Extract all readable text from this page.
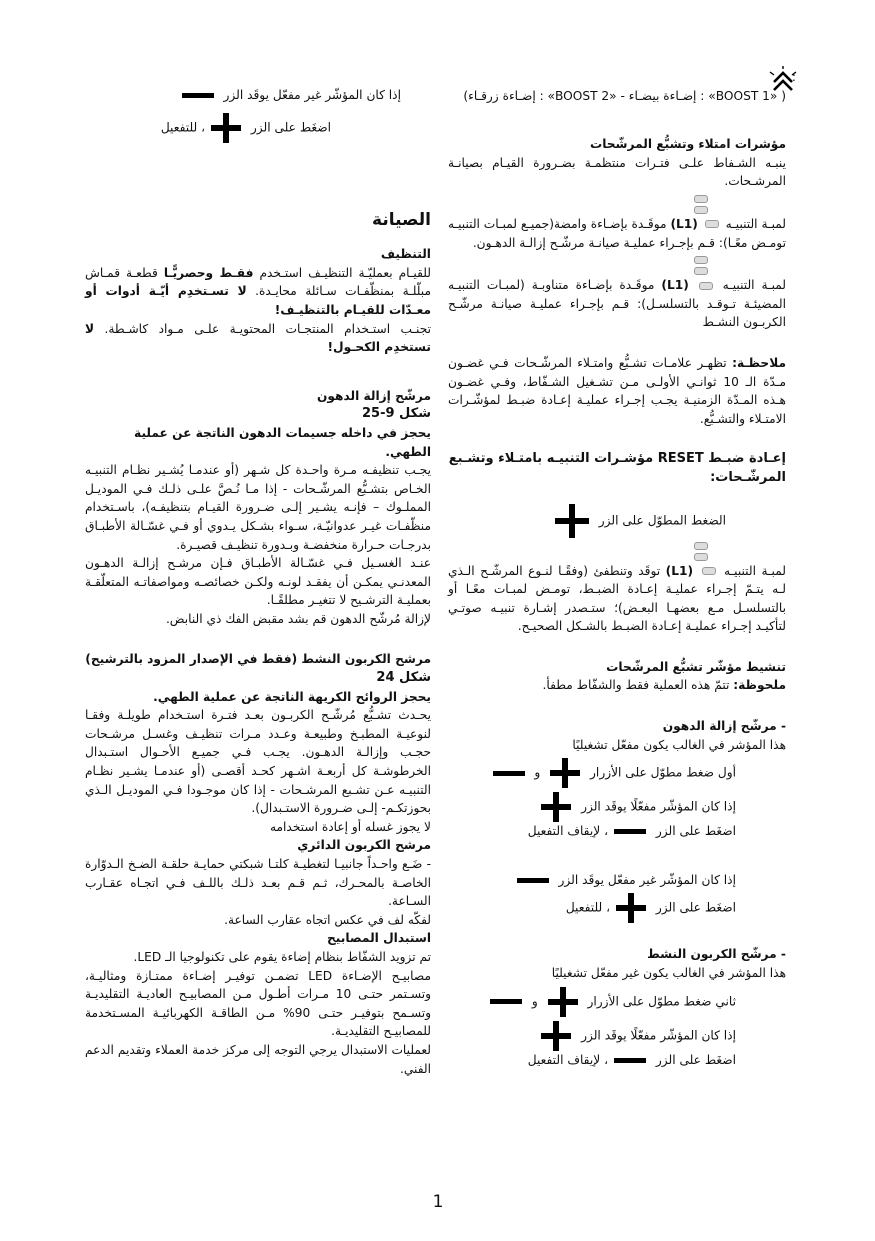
:

( «1 BOOST» : إضـاءة بيضـاء - «2 BOOST» : إضـاءة زرقـاء)

مؤشرات امتلاء وتشبُّع المرشّحات

ينبـه الشـفاط علـى فتـرات منتظمـة بضـرورة القيـام بصيانـة المرشـحات.

لمبـة التنبيـه  (L1) موقَـدة بإضـاءة وامضة(جميـع لمبـات التنبيـه تومـض معًـا): قـم بإجـراء عمليـة صيانـة مرشّـح إزالـة الدهـون.

لمبـة التنبيـه  (L1) موقَـدة بإضـاءة متناوبـة (لمبـات التنبيـه المضيئـة تـوقـد بالتسلسـل): قـم بإجـراء عمليـة صيانـة مرشّـح الكربـون النشـط

ملاحظـة: تظهـر علامـات تشـبُّع وامتـلاء المرشّـحات فـي غضـون مـدّة الـ 10 ثوانـي الأولـى مـن تشـغيل الشـفّاط، وفـي غضـون هـذه المـدّة الزمنيـة يجـب إجـراء عمليـة إعـادة ضبـط لمؤشّـرات الامتـلاء والتشـبُّع.

إعـادة ضبـط RESET مؤشـرات التنبيـه بامتـلاء وتشـبع المرشّـحات:

الضغط المطوّل على الزر

لمبـة التنبيـه  (L1) توقَد وتنطفئ (وفقًـا لنـوع المرشّـح الـذي لـه يتـمّ إجـراء عمليـة إعـادة الضبـط، تومـض لمبـات معًـا أو بالتسلسـل مـع بعضهـا البعـض)؛ ستـصدر إشـارة تنبيـه صوتـي لتأكيـد إجـراء عمليـة إعـادة الضبـط بالشـكل الصحيـح.

تنشيط مؤشّر تشبُّع المرشّحات

ملحوظة: تتمّ هذه العملية فقط والشفّاط مطفأ.

- مرشّح إزالة الدهون

هذا المؤشر في الغالب يكون مفعّل تشغيليًا

أول ضغط مطوّل على الأزرار  و

إذا كان المؤشّر مفعّلًا يوقَد الزر

اضغَط على الزر ، لإيقاف التفعيل

إذا كان المؤشّر غير مفعّل يوقَد الزر

اضغَط على الزر ، للتفعيل

- مرشّح الكربون النشط

هذا المؤشر في الغالب يكون غير مفعّل تشغيليًا

ثاني ضغط مطوّل على الأزرار  و

إذا كان المؤشّر مفعّلًا يوقَد الزر

اضغَط على الزر ، لإيقاف التفعيل

إذا كان المؤشّر غير مفعّل يوقَد الزر

اضغَط على الزر ، للتفعيل

الصيانة

التنظيف

للقيـام بعمليّـة التنظيـف استـخدم فقـط وحصريًّـا قطعـة قمـاش مبلّلـة بمنظّفـات سـائلة محايـدة. لا تسـتخدِم أيّـة أدوات أو معـدّات للقيـام بالتنظيـف!

تجنـب استـخدام المنتجـات المحتويـة علـى مـواد كاشـطة. لا تستخدِم الكحـول!

مرشّح إزالة الدهون

شكل 9-25

يحجز في داخله جسيمات الدهون الناتجة عن عملية الطهي.

يجـب تنظيفـه مـرة واحـدة كل شـهر (أو عندمـا يُشـير نظـام التنبيـه الخـاص بتشـبُّع المرشّـحات - إذا مـا نُـصَّ علـى ذلـك فـي الموديـل المملـوك – فإنـه يشـير إلـى ضـرورة القيـام بتنظيفـه)، باسـتخدام منظّفـات غيـر عدوانيّـة، سـواء بشـكل يـدوي أو فـي غسّـالة الأطبـاق بدرجـات حـرارة منخفضـة وبـدورة تنظيـف قصيـرة.

عنـد الغسـيل فـي غسّـالة الأطبـاق فـإن مرشـح إزالـة الدهـون المعدنـي يمكـن أن يفقـد لونـه ولكـن خصائصـه ومواصفاتـه المتعلّقـة بعمليـة الترشـيح لا تتغيـر مطلقًـا.

لإزالة مُرشّح الدهون قم بشد مقبض الفك ذي النابض.

مرشح الكربون النشط (فقط في الإصدار المزود بالترشيح)

شكل 24

يحجز الروائح الكريهة الناتجة عن عملية الطهي.

يحـدث تشـبُّع مُرشّـح الكربـون بعـد فتـرة استـخدام طويلـة وفقـا لنوعيـة المطبـخ وطبيعـة وعـدد مـرات تنظيـف وغسـل مرشـحات حجـب وإزالـة الدهـون. يجـب فـي جميـع الأحـوال استـبدال الخرطوشـة كل أربعـة اشـهر كحـد أقصـى (أو عندمـا يشـير نظـام التنبيـه عـن تشـبع المرشـحات - إذا كان موجـودا فـي الموديـل الـذي بحوزتكـم- إلـى ضـرورة الاستـبدال).

لا يجوز غسله أو إعادة استخدامه

مرشح الكربون الدائري

- ضَـع واحـداً جانبيـا لتغطيـة كلتـا شبكتي حمايـة حلقـة الضـخ الـدوّارة الخاصـة بالمحـرك، ثـم قـم بعـد ذلـك باللـف فـي اتجـاه عقـارب السـاعة.

لفكّه لف في عكس اتجاه عقارب الساعة.

استبدال المصابيح

تم تزويد الشفّاط بنظام إضاءة يقوم على تكنولوجيا الـ LED.

مصابيـح الإضـاءة LED تضمـن توفيـر إضـاءة ممتـازة ومثاليـة، وتسـتمر حتـى 10 مـرات أطـول مـن المصابيـح العاديـة التقليديـة وتسـمح بتوفيـر حتـى 90% مـن الطاقـة الكهربائيـة المسـتخدمة للمصابيـح التقليديـة.

لعمليات الاستبدال يرجي التوجه إلى مركز خدمة العملاء وتقديم الدعم الفني.

1
